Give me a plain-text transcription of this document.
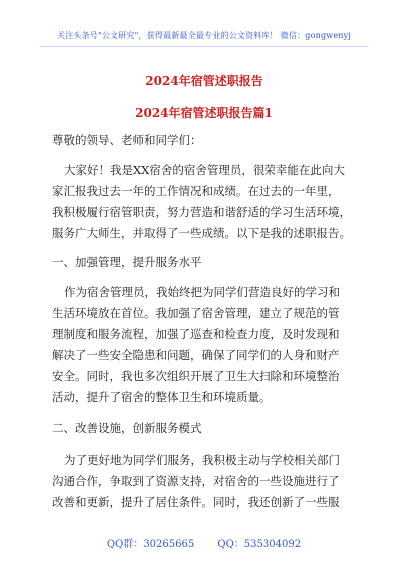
关注头条号"公文研究"，获得最新最全最专业的公文资料库！ 微信：gongwenyj
2024年宿管述职报告
2024年宿管述职报告篇1
尊敬的领导、老师和同学们：
大家好！我是XX宿舍的宿舍管理员，很荣幸能在此向大
家汇报我过去一年的工作情况和成绩。在过去的一年里，
我积极履行宿管职责，努力营造和谐舒适的学习生活环境，
服务广大师生，并取得了一些成绩。以下是我的述职报告。
一、加强管理，提升服务水平
作为宿舍管理员，我始终把为同学们营造良好的学习和
生活环境放在首位。我加强了宿舍管理，建立了规范的管
理制度和服务流程，加强了巡查和检查力度，及时发现和
解决了一些安全隐患和问题，确保了同学们的人身和财产
安全。同时，我也多次组织开展了卫生大扫除和环境整治
活动，提升了宿舍的整体卫生和环境质量。
二、改善设施，创新服务模式
为了更好地为同学们服务，我积极主动与学校相关部门
沟通合作，争取到了资源支持，对宿舍的一些设施进行了
改善和更新，提升了居住条件。同时，我还创新了一些服
QQ群：30265665 QQ：535304092
